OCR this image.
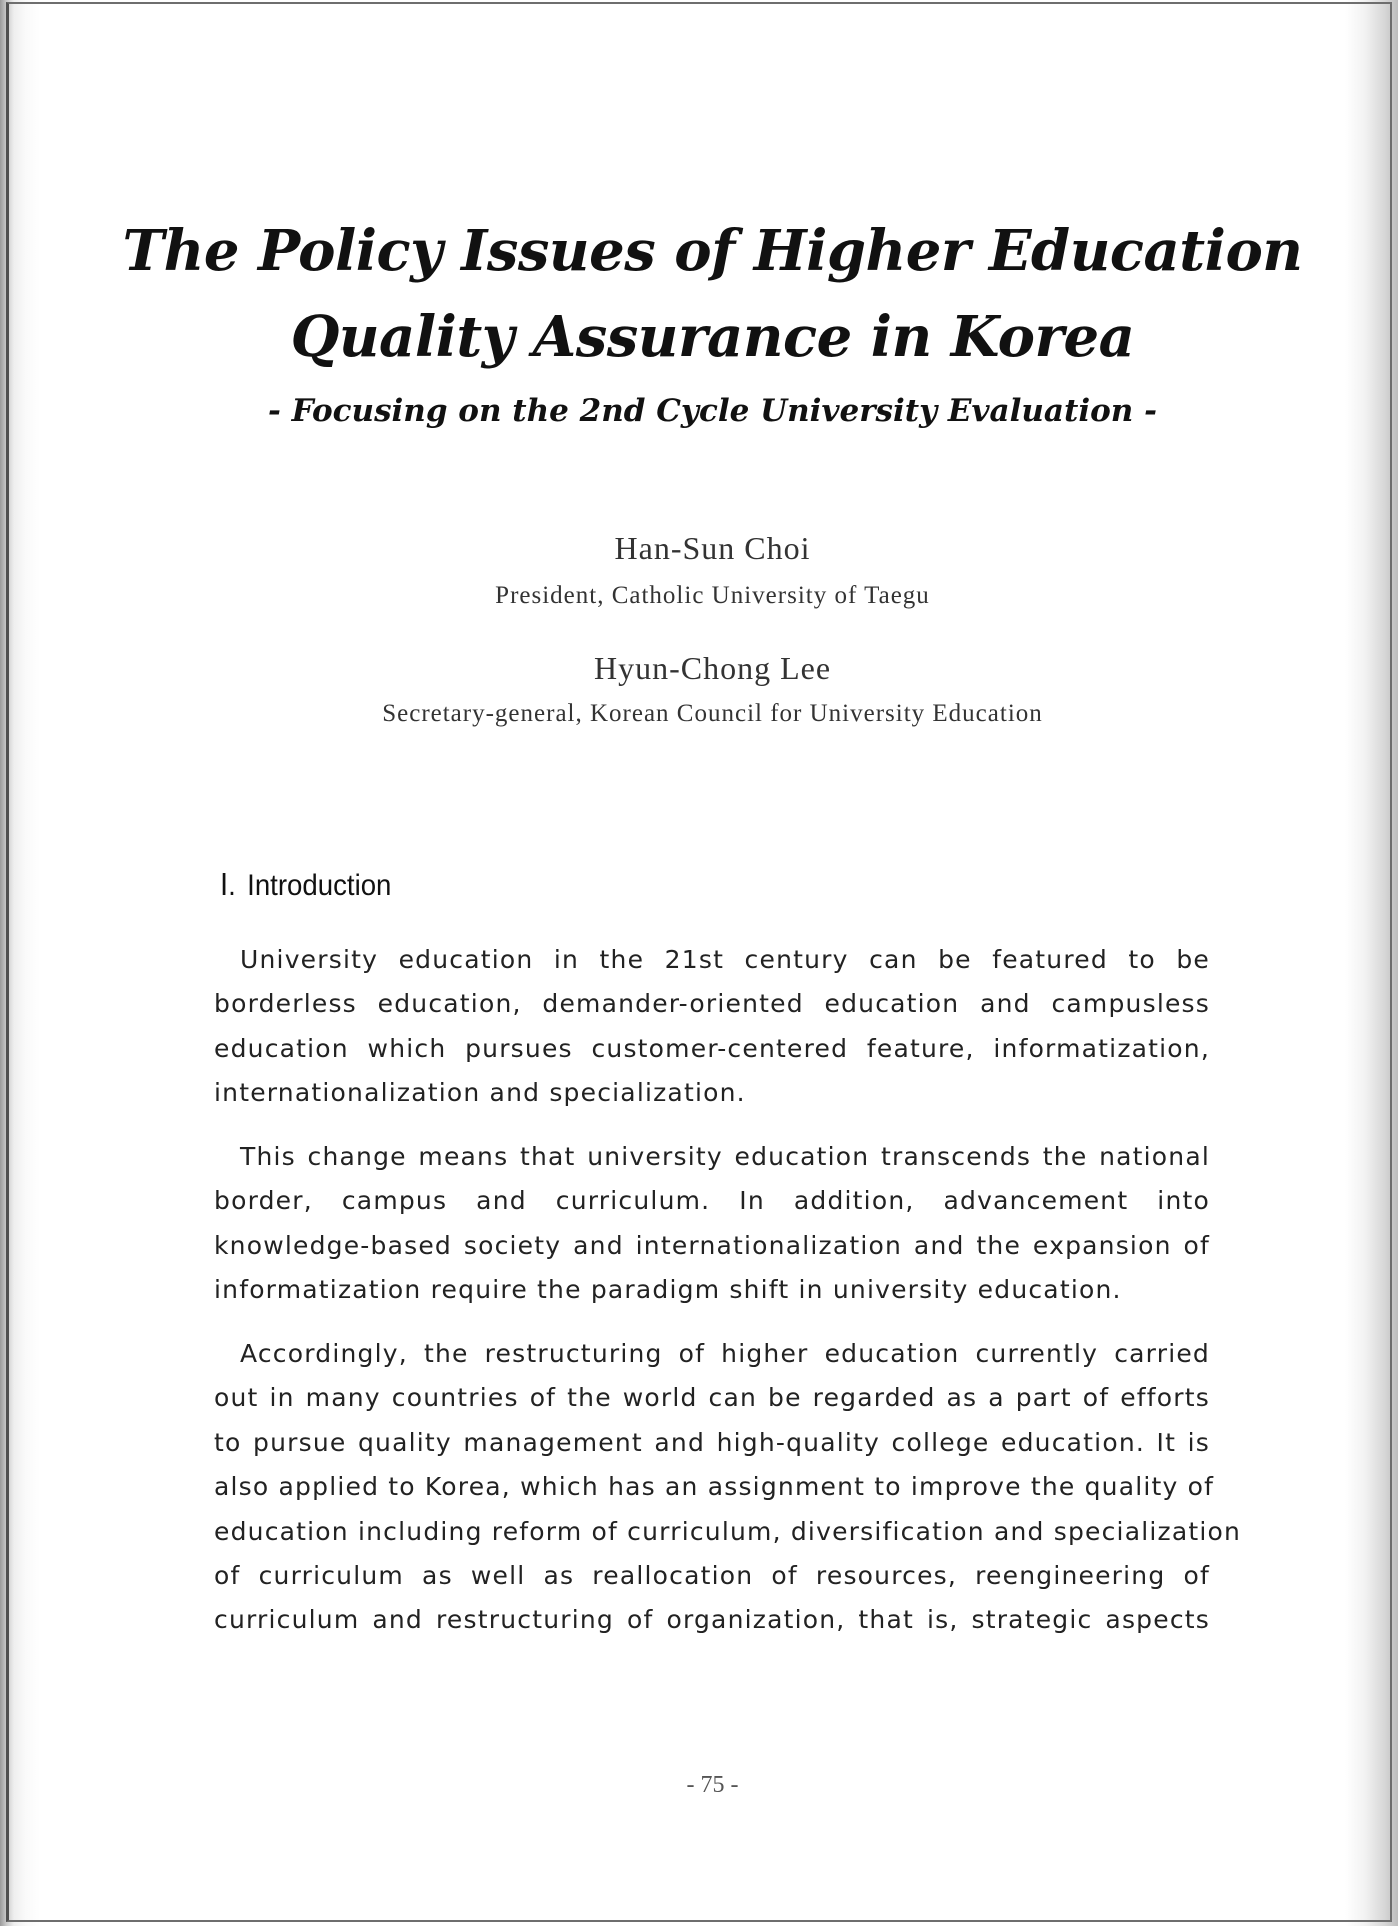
The Policy Issues of Higher Education
Quality Assurance in Korea
- Focusing on the 2nd Cycle University Evaluation -
Han-Sun Choi
President, Catholic University of Taegu
Hyun-Chong Lee
Secretary-general, Korean Council for University Education
Ⅰ. Introduction
University education in the 21st century can be featured to be
borderless education, demander-oriented education and campusless
education which pursues customer-centered feature, informatization,
internationalization and specialization.
This change means that university education transcends the national
border, campus and curriculum. In addition, advancement into
knowledge-based society and internationalization and the expansion of
informatization require the paradigm shift in university education.
Accordingly, the restructuring of higher education currently carried
out in many countries of the world can be regarded as a part of efforts
to pursue quality management and high-quality college education. It is
also applied to Korea, which has an assignment to improve the quality of
education including reform of curriculum, diversification and specialization
of curriculum as well as reallocation of resources, reengineering of
curriculum and restructuring of organization, that is, strategic aspects
- 75 -
